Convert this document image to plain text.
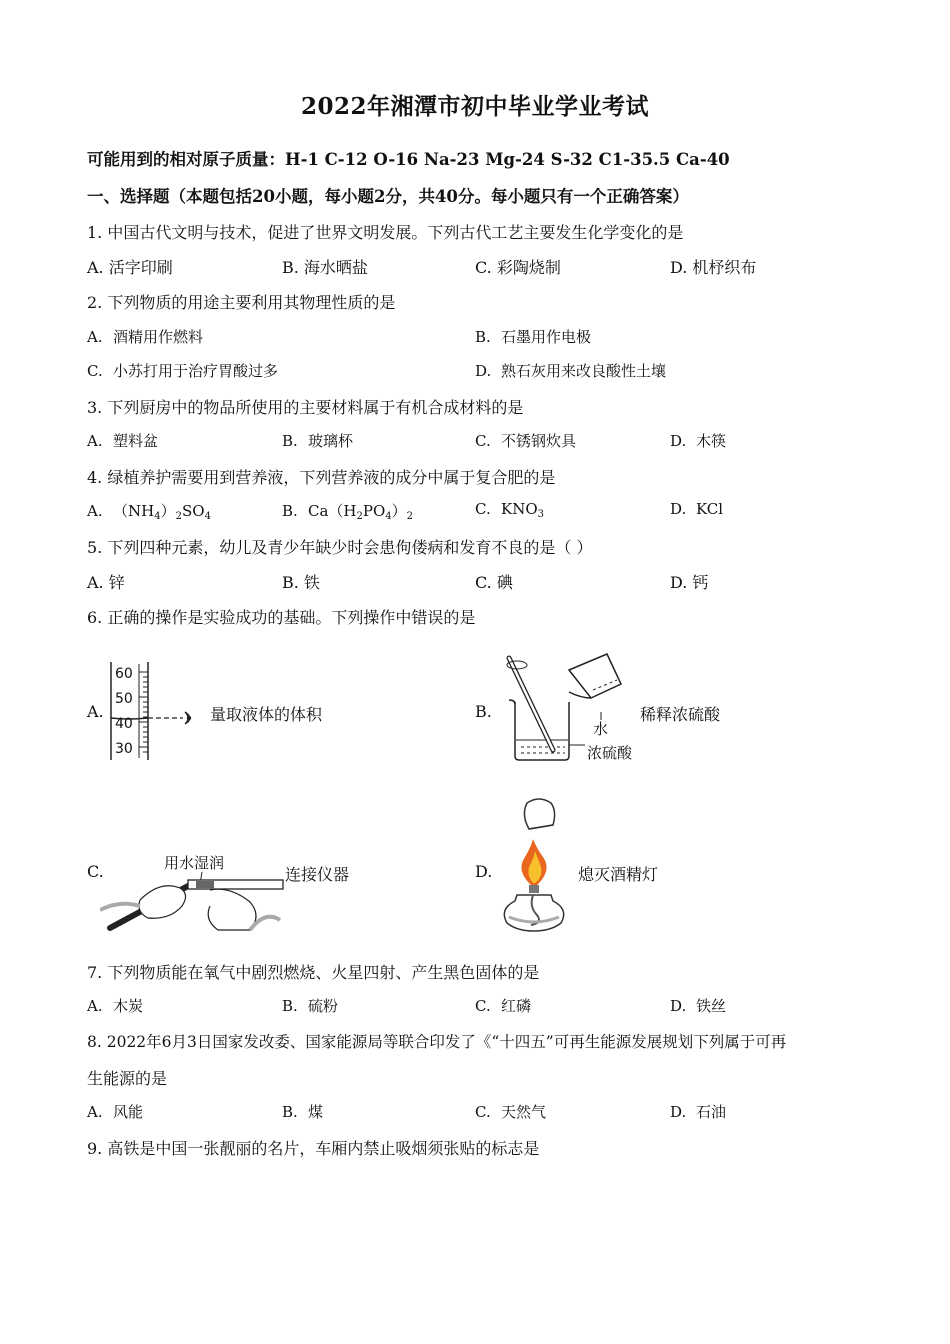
2022年湘潭市初中毕业学业考试
可能用到的相对原子质量：H-1 C-12 O-16 Na-23 Mg-24 S-32 C1-35.5 Ca-40
一、选择题（本题包括20小题，每小题2分，共40分。每小题只有一个正确答案）
1. 中国古代文明与技术，促进了世界文明发展。下列古代工艺主要发生化学变化的是
A. 活字印刷	B. 海水晒盐	C. 彩陶烧制	D. 机杼织布
2. 下列物质的用途主要利用其物理性质的是
A. 酒精用作燃料	B. 石墨用作电极
C. 小苏打用于治疗胃酸过多	D. 熟石灰用来改良酸性土壤
3. 下列厨房中的物品所使用的主要材料属于有机合成材料的是
A. 塑料盆	B. 玻璃杯	C. 不锈钢炊具	D. 木筷
4. 绿植养护需要用到营养液，下列营养液的成分中属于复合肥的是
A. $(NH_4)_2SO_4$	B. $Ca(H_2PO_4)_2$	C. $KNO_3$	D. KCl
5. 下列四种元素，幼儿及青少年缺少时会患佝偻病和发育不良的是（ ）
A. 锌	B. 铁	C. 碘	D. 钙
6. 正确的操作是实验成功的基础。下列操作中错误的是
A.
60
50
40
30
量取液体的体积	B.
水
浓硫酸
稀释浓硫酸
C.	用水湿润
连接仪器	D.	熄灭酒精灯
7. 下列物质能在氧气中剧烈燃烧、火星四射、产生黑色固体的是
A. 木炭	B. 硫粉	C. 红磷	D. 铁丝
8. 2022年6月3日国家发改委、国家能源局等联合印发了《“十四五”可再生能源发展规划下列属于可再
生能源的是
A. 风能	B. 煤	C. 天然气	D. 石油
9. 高铁是中国一张靓丽的名片，车厢内禁止吸烟须张贴的标志是
